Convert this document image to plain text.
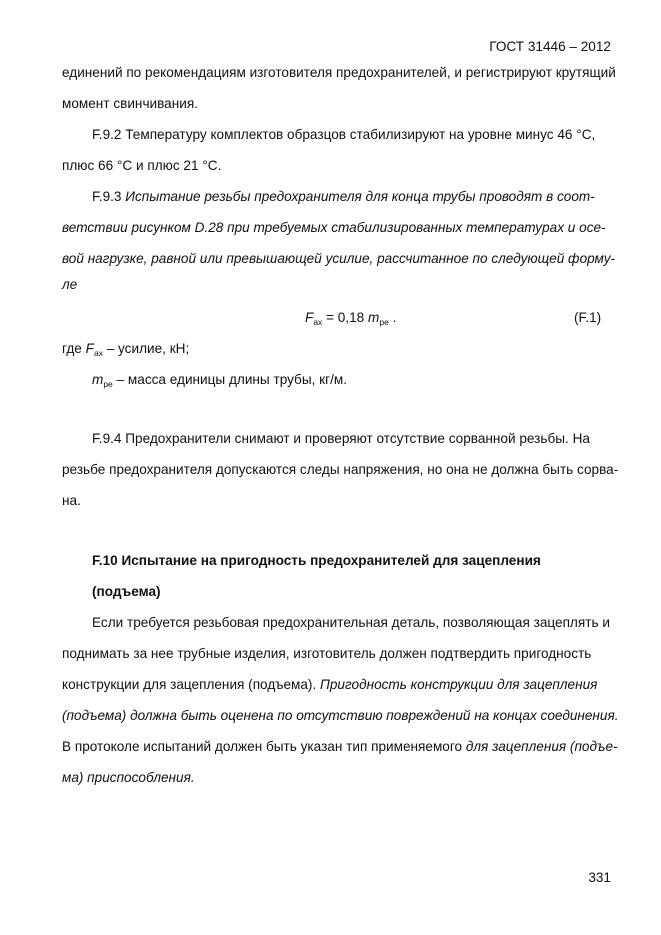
ГОСТ 31446 – 2012

единений по рекомендациям изготовителя предохранителей, и регистрируют крутящий

момент свинчивания.

F.9.2 Температуру комплектов образцов стабилизируют на уровне минус 46 °С,

плюс 66 °С и плюс 21 °С.

F.9.3 Испытание резьбы предохранителя для конца трубы проводят в соот-

ветствии рисунком D.28 при требуемых стабилизированных температурах и осе-

вой нагрузке, равной или превышающей усилие, рассчитанное по следующей форму-

ле

$F_{ax} = 0,18$ $m_{pe}$ .	(F.1)

где $F_{ax}$ – усилие, кН;

$m_{pe}$ – масса единицы длины трубы, кг/м.

F.9.4 Предохранители снимают и проверяют отсутствие сорванной резьбы. На

резьбе предохранителя допускаются следы напряжения, но она не должна быть сорва-

на.

F.10 Испытание на пригодность предохранителей для зацепления

(подъема)

Если требуется резьбовая предохранительная деталь, позволяющая зацеплять и

поднимать за нее трубные изделия, изготовитель должен подтвердить пригодность

конструкции для зацепления (подъема). Пригодность конструкции для зацепления

(подъема) должна быть оценена по отсутствию повреждений на концах соединения.

В протоколе испытаний должен быть указан тип применяемого для зацепления (подъе-

ма) приспособления.

331
